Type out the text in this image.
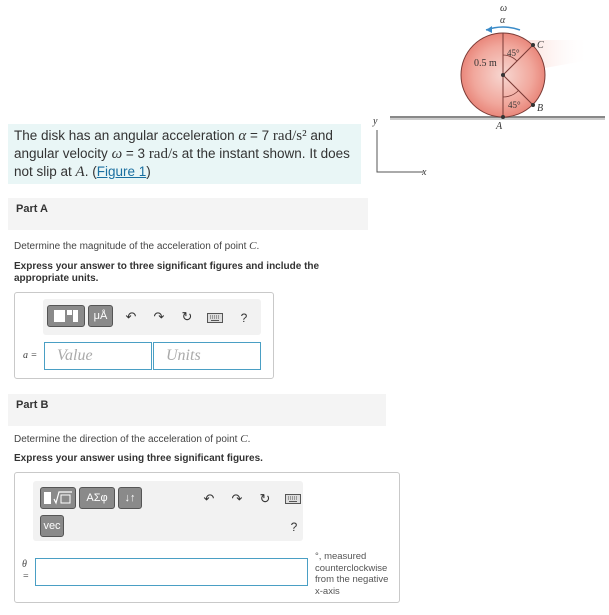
ω
α
0.5 m
45°
45°
C
B
A
y
x
The disk has an angular acceleration α = 7 rad/s² and angular velocity ω = 3 rad/s at the instant shown. It does not slip at A. (Figure 1)
Part A
Determine the magnitude of the acceleration of point C.
Express your answer to three significant figures and include the appropriate units.
μÅ	↶ ↷ ↻	?
a =	Value	Units
Part B
Determine the direction of the acceleration of point C.
Express your answer using three significant figures.
ΑΣφ	↓↑
vec
↶ ↷ ↻
?
θ
=
°, measured counterclockwise from the negative x-axis
